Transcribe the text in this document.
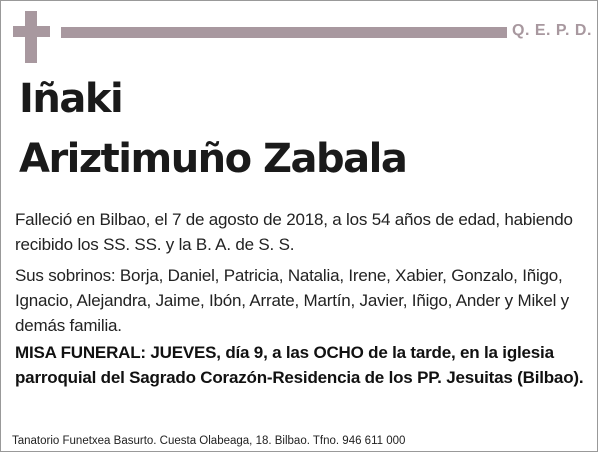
Q. E. P. D.
Iñaki
Ariztimuño Zabala
Falleció en Bilbao, el 7 de agosto de 2018, a los 54 años de edad, habiendo recibido los SS. SS. y la B. A. de S. S.
Sus sobrinos: Borja, Daniel, Patricia, Natalia, Irene, Xabier, Gonzalo, Iñigo, Ignacio, Alejandra, Jaime, Ibón, Arrate, Martín, Javier, Iñigo, Ander y Mikel y demás familia.
MISA FUNERAL: JUEVES, día 9, a las OCHO de la tarde, en la iglesia parroquial del Sagrado Corazón-Residencia de los PP. Jesuitas (Bilbao).
Tanatorio Funetxea Basurto. Cuesta Olabeaga, 18. Bilbao. Tfno. 946 611 000
